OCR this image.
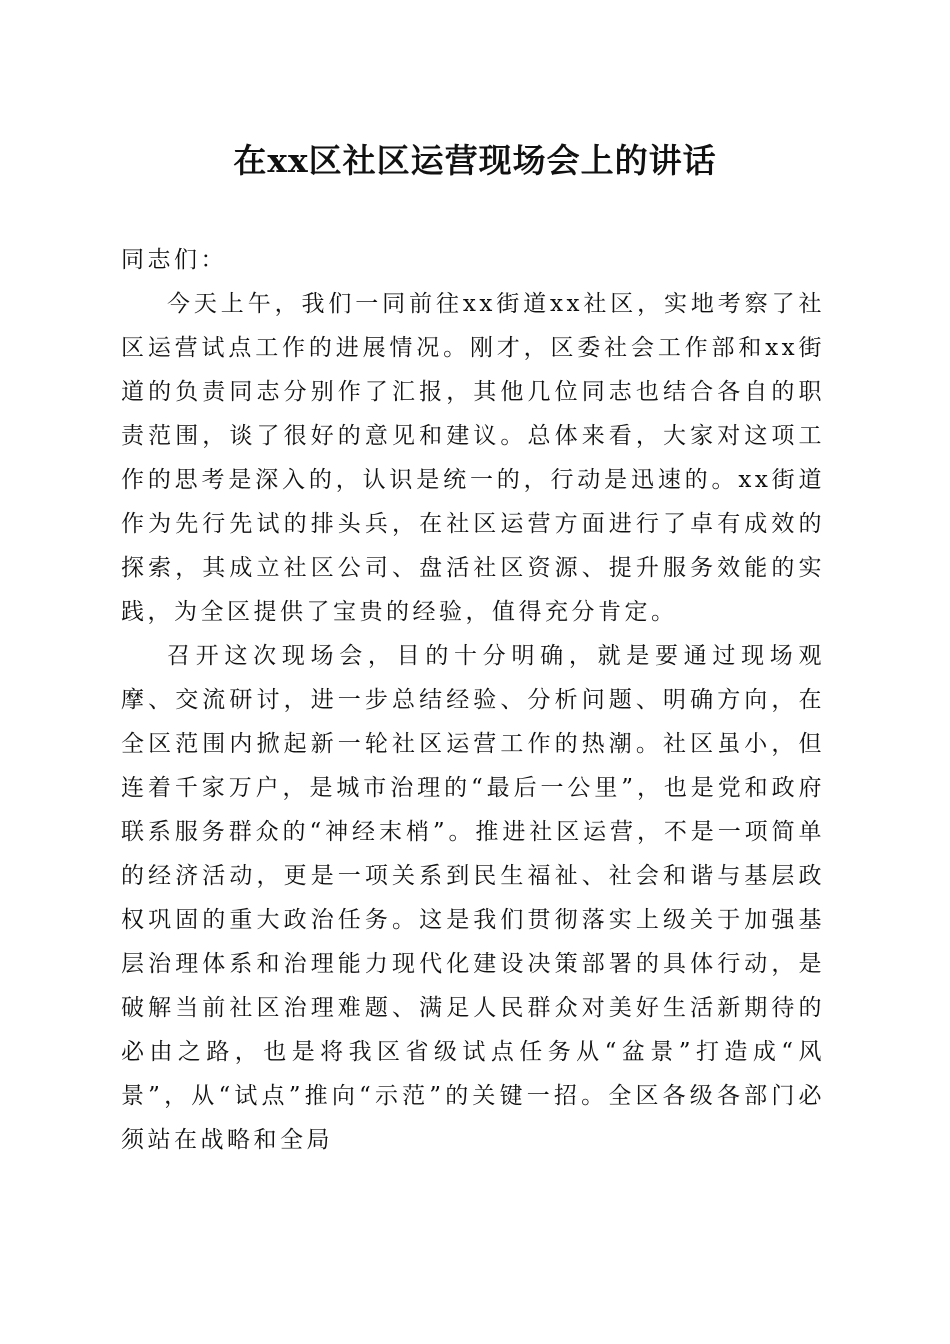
在xx区社区运营现场会上的讲话

同志们：

今天上午，我们一同前往xx街道xx社区，实地考察了社区运营试点工作的进展情况。刚才，区委社会工作部和xx街道的负责同志分别作了汇报，其他几位同志也结合各自的职责范围，谈了很好的意见和建议。总体来看，大家对这项工作的思考是深入的，认识是统一的，行动是迅速的。xx街道作为先行先试的排头兵，在社区运营方面进行了卓有成效的探索，其成立社区公司、盘活社区资源、提升服务效能的实践，为全区提供了宝贵的经验，值得充分肯定。

召开这次现场会，目的十分明确，就是要通过现场观摩、交流研讨，进一步总结经验、分析问题、明确方向，在全区范围内掀起新一轮社区运营工作的热潮。社区虽小，但连着千家万户，是城市治理的“最后一公里”，也是党和政府联系服务群众的“神经末梢”。推进社区运营，不是一项简单的经济活动，更是一项关系到民生福祉、社会和谐与基层政权巩固的重大政治任务。这是我们贯彻落实上级关于加强基层治理体系和治理能力现代化建设决策部署的具体行动，是破解当前社区治理难题、满足人民群众对美好生活新期待的必由之路，也是将我区省级试点任务从“盆景”打造成“风景”，从“试点”推向“示范”的关键一招。全区各级各部门必须站在战略和全局
